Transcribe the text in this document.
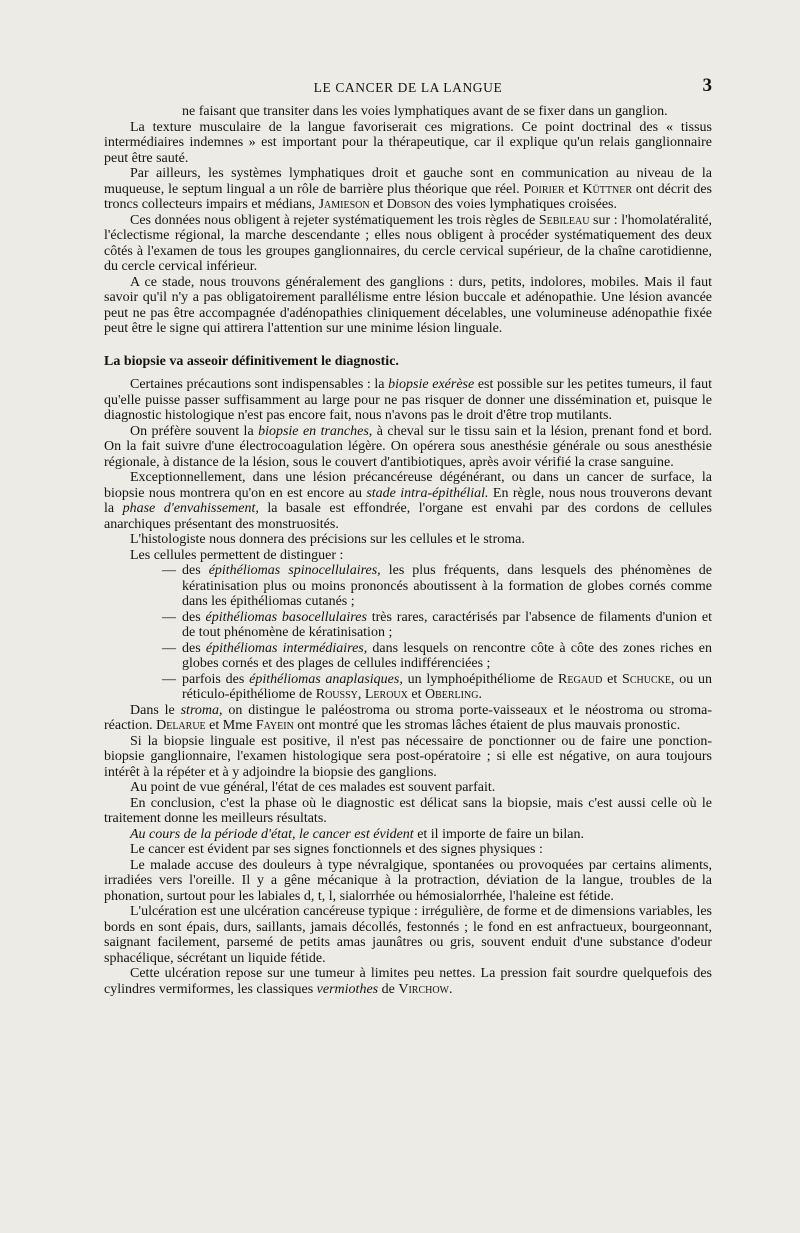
LE CANCER DE LA LANGUE	3

ne faisant que transiter dans les voies lymphatiques avant de se fixer dans un ganglion.

La texture musculaire de la langue favoriserait ces migrations. Ce point doctrinal des « tissus intermédiaires indemnes » est important pour la thérapeutique, car il explique qu'un relais ganglionnaire peut être sauté.

Par ailleurs, les systèmes lymphatiques droit et gauche sont en communication au niveau de la muqueuse, le septum lingual a un rôle de barrière plus théorique que réel. Poirier et Küttner ont décrit des troncs collecteurs impairs et médians, Jamieson et Dobson des voies lymphatiques croisées.

Ces données nous obligent à rejeter systématiquement les trois règles de Sebileau sur : l'homolatéralité, l'éclectisme régional, la marche descendante ; elles nous obligent à procéder systématiquement des deux côtés à l'examen de tous les groupes ganglionnaires, du cercle cervical supérieur, de la chaîne carotidienne, du cercle cervical inférieur.

A ce stade, nous trouvons généralement des ganglions : durs, petits, indolores, mobiles. Mais il faut savoir qu'il n'y a pas obligatoirement parallélisme entre lésion buccale et adénopathie. Une lésion avancée peut ne pas être accompagnée d'adénopathies cliniquement décelables, une volumineuse adénopathie fixée peut être le signe qui attirera l'attention sur une minime lésion linguale.

La biopsie va asseoir définitivement le diagnostic.

Certaines précautions sont indispensables : la biopsie exérèse est possible sur les petites tumeurs, il faut qu'elle puisse passer suffisamment au large pour ne pas risquer de donner une dissémination et, puisque le diagnostic histologique n'est pas encore fait, nous n'avons pas le droit d'être trop mutilants.

On préfère souvent la biopsie en tranches, à cheval sur le tissu sain et la lésion, prenant fond et bord. On la fait suivre d'une électrocoagulation légère. On opérera sous anesthésie générale ou sous anesthésie régionale, à distance de la lésion, sous le couvert d'antibiotiques, après avoir vérifié la crase sanguine.

Exceptionnellement, dans une lésion précancéreuse dégénérant, ou dans un cancer de surface, la biopsie nous montrera qu'on en est encore au stade intra-épithélial. En règle, nous nous trouverons devant la phase d'envahissement, la basale est effondrée, l'organe est envahi par des cordons de cellules anarchiques présentant des monstruosités.

L'histologiste nous donnera des précisions sur les cellules et le stroma.

Les cellules permettent de distinguer :

— des épithéliomas spinocellulaires, les plus fréquents, dans lesquels des phénomènes de kératinisation plus ou moins prononcés aboutissent à la formation de globes cornés comme dans les épithéliomas cutanés ;
— des épithéliomas basocellulaires très rares, caractérisés par l'absence de filaments d'union et de tout phénomène de kératinisation ;
— des épithéliomas intermédiaires, dans lesquels on rencontre côte à côte des zones riches en globes cornés et des plages de cellules indifférenciées ;
— parfois des épithéliomas anaplasiques, un lymphoépithéliome de Regaud et Schucke, ou un réticulo-épithéliome de Roussy, Leroux et Oberling.

Dans le stroma, on distingue le paléostroma ou stroma porte-vaisseaux et le néostroma ou stroma-réaction. Delarue et Mme Fayein ont montré que les stromas lâches étaient de plus mauvais pronostic.

Si la biopsie linguale est positive, il n'est pas nécessaire de ponctionner ou de faire une ponction-biopsie ganglionnaire, l'examen histologique sera post-opératoire ; si elle est négative, on aura toujours intérêt à la répéter et à y adjoindre la biopsie des ganglions.

Au point de vue général, l'état de ces malades est souvent parfait.

En conclusion, c'est la phase où le diagnostic est délicat sans la biopsie, mais c'est aussi celle où le traitement donne les meilleurs résultats.

Au cours de la période d'état, le cancer est évident et il importe de faire un bilan.

Le cancer est évident par ses signes fonctionnels et des signes physiques :

Le malade accuse des douleurs à type névralgique, spontanées ou provoquées par certains aliments, irradiées vers l'oreille. Il y a gêne mécanique à la protraction, déviation de la langue, troubles de la phonation, surtout pour les labiales d, t, l, sialorrhée ou hémosialorrhée, l'haleine est fétide.

L'ulcération est une ulcération cancéreuse typique : irrégulière, de forme et de dimensions variables, les bords en sont épais, durs, saillants, jamais décollés, festonnés ; le fond en est anfractueux, bourgeonnant, saignant facilement, parsemé de petits amas jaunâtres ou gris, souvent enduit d'une substance d'odeur sphacélique, sécrétant un liquide fétide.

Cette ulcération repose sur une tumeur à limites peu nettes. La pression fait sourdre quelquefois des cylindres vermiformes, les classiques vermiothes de Virchow.
